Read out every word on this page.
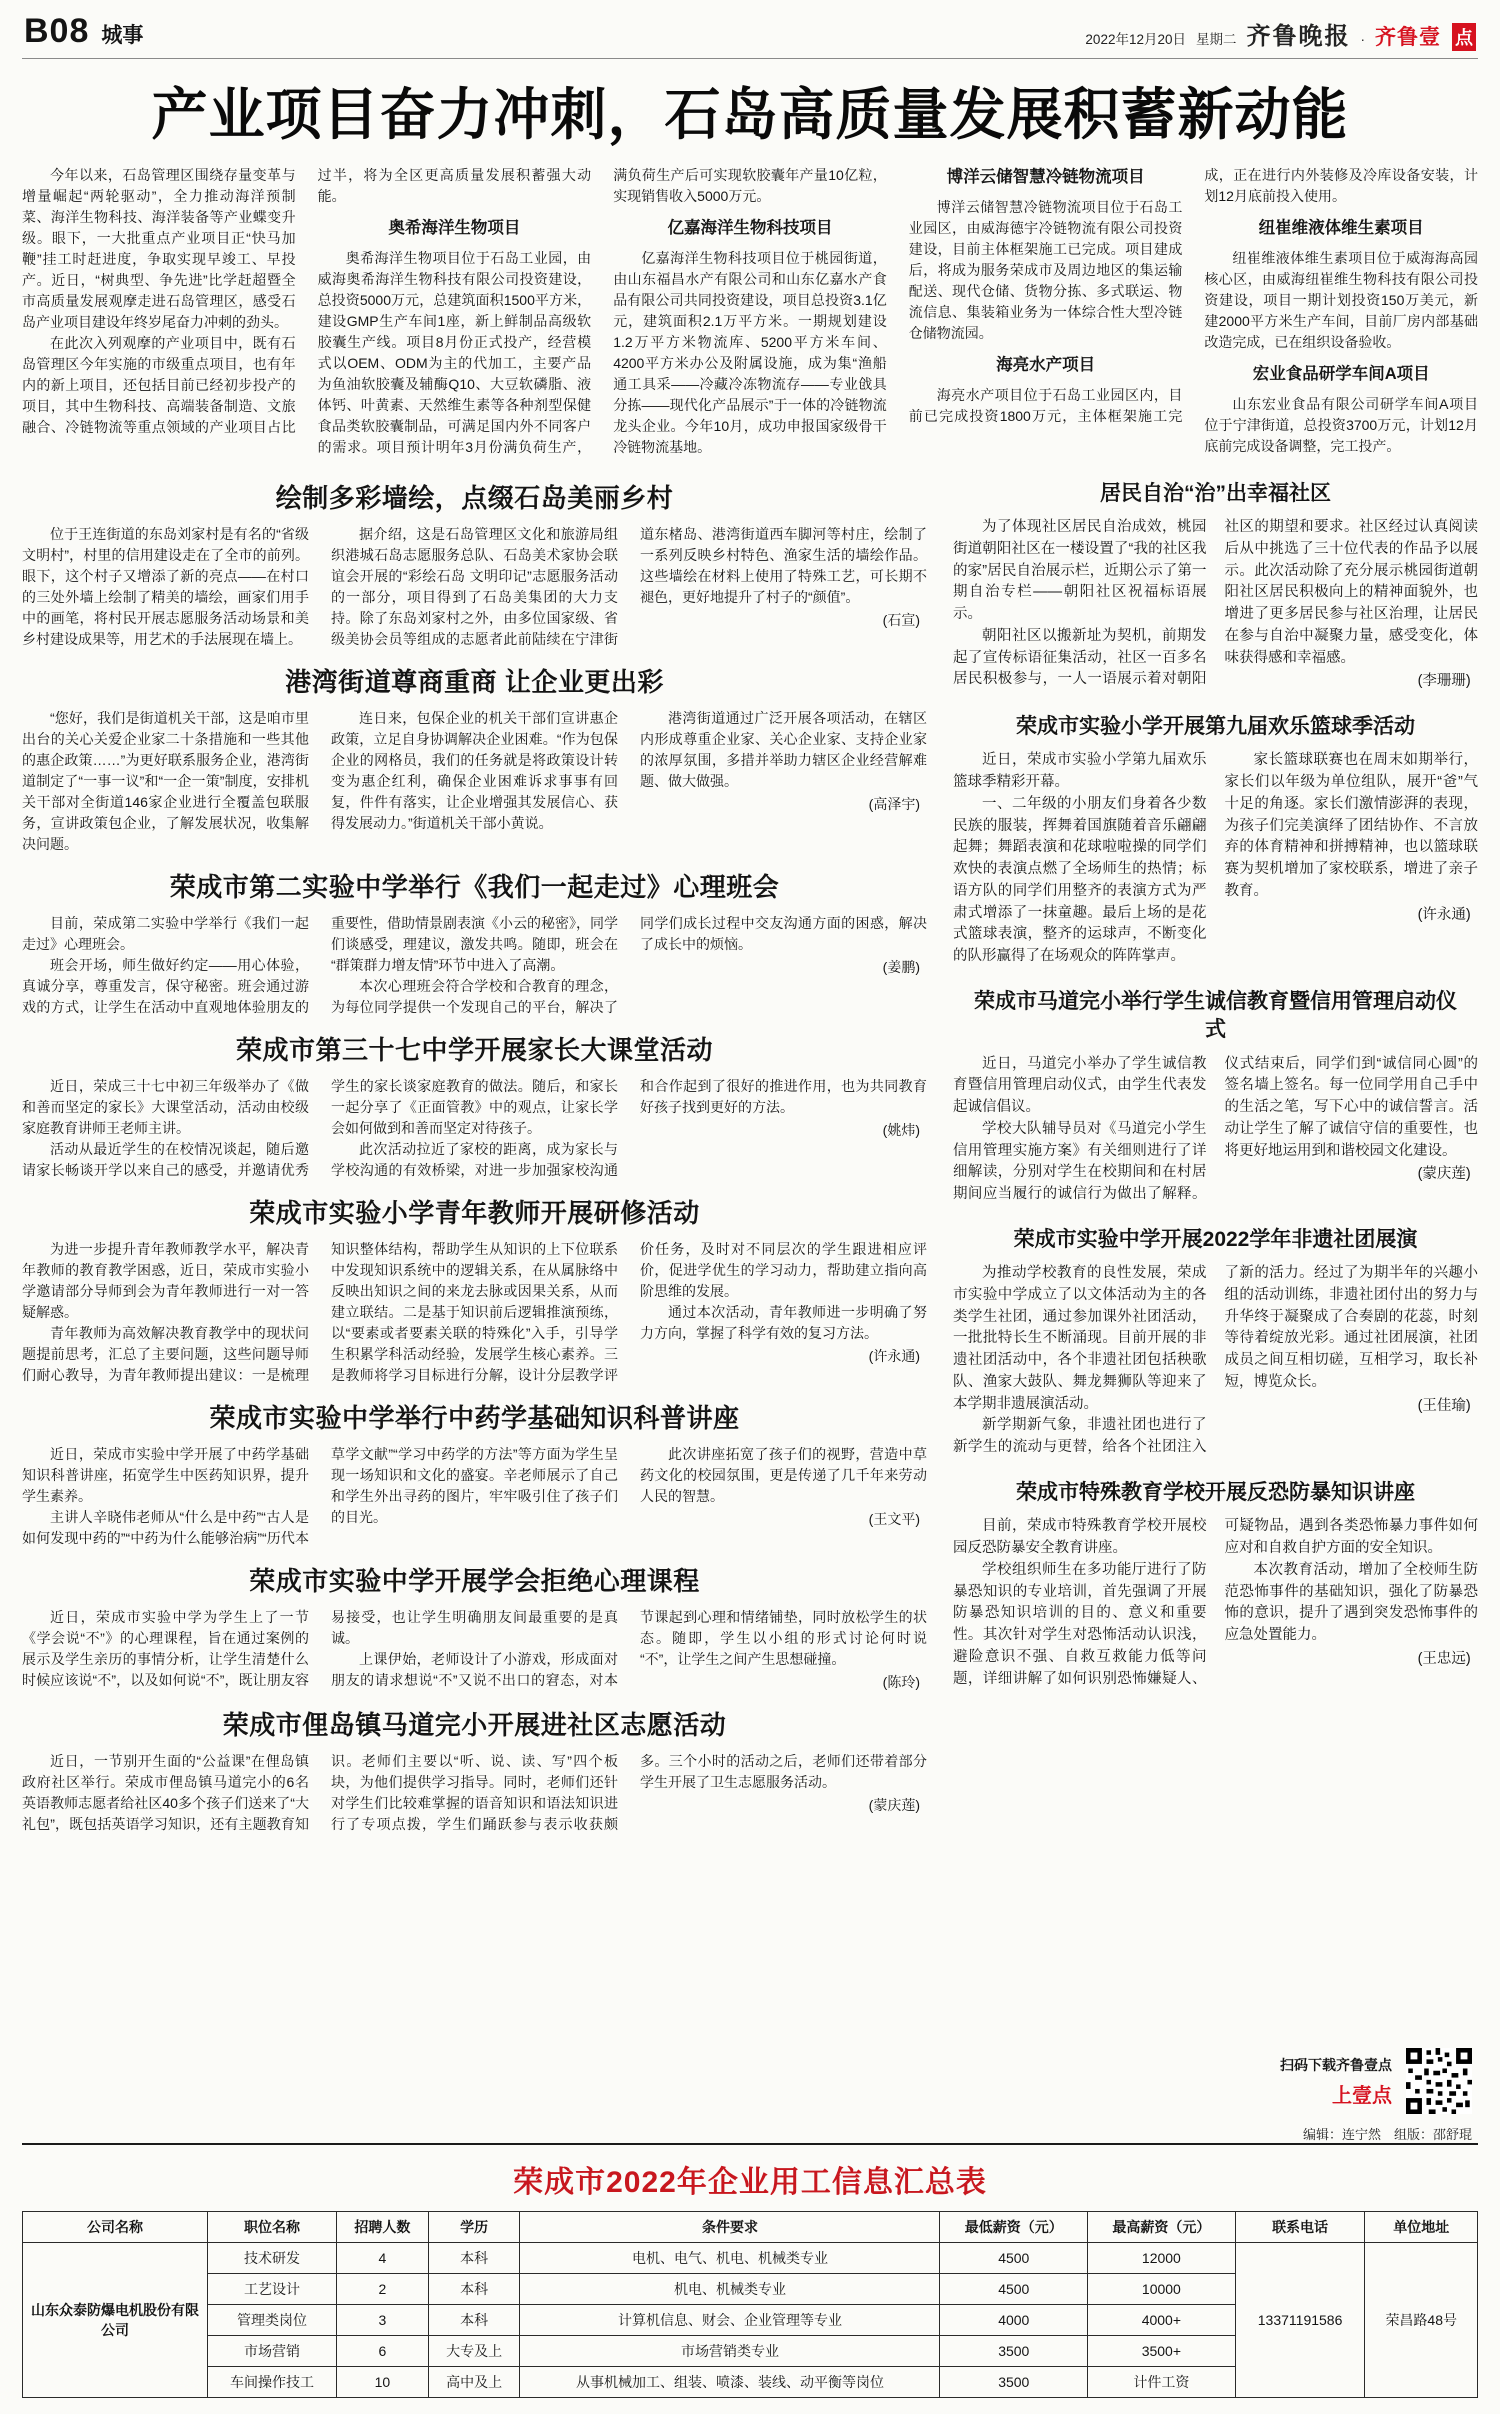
B08 城事	2022年12月20日 星期二 齐鲁晚报 · 齐鲁壹 点
产业项目奋力冲刺，石岛高质量发展积蓄新动能

今年以来，石岛管理区围绕存量变革与增量崛起“两轮驱动”，全力推动海洋预制菜、海洋生物科技、海洋装备等产业蝶变升级。眼下，一大批重点产业项目正“快马加鞭”挂工时赶进度，争取实现早竣工、早投产。近日，“树典型、争先进”比学赶超暨全市高质量发展观摩走进石岛管理区，感受石岛产业项目建设年终岁尾奋力冲刺的劲头。

在此次入列观摩的产业项目中，既有石岛管理区今年实施的市级重点项目，也有年内的新上项目，还包括目前已经初步投产的项目，其中生物科技、高端装备制造、文旅融合、冷链物流等重点领域的产业项目占比过半，将为全区更高质量发展积蓄强大动能。

奥希海洋生物项目

奥希海洋生物项目位于石岛工业园，由威海奥希海洋生物科技有限公司投资建设，总投资5000万元，总建筑面积1500平方米，建设GMP生产车间1座，新上鲜制品高级软胶囊生产线。项目8月份正式投产，经营模式以OEM、ODM为主的代加工，主要产品为鱼油软胶囊及辅酶Q10、大豆软磷脂、液体钙、叶黄素、天然维生素等各种剂型保健食品类软胶囊制品，可满足国内外不同客户的需求。项目预计明年3月份满负荷生产，满负荷生产后可实现软胶囊年产量10亿粒，实现销售收入5000万元。

亿嘉海洋生物科技项目

亿嘉海洋生物科技项目位于桃园街道，由山东福昌水产有限公司和山东亿嘉水产食品有限公司共同投资建设，项目总投资3.1亿元，建筑面积2.1万平方米。一期规划建设1.2万平方米物流库、5200平方米车间、4200平方米办公及附属设施，成为集“渔船通工具采——冷藏冷冻物流存——专业戗具分拣——现代化产品展示”于一体的冷链物流龙头企业。今年10月，成功申报国家级骨干冷链物流基地。

博洋云储智慧冷链物流项目

博洋云储智慧冷链物流项目位于石岛工业园区，由威海德宇冷链物流有限公司投资建设，目前主体框架施工已完成。项目建成后，将成为服务荣成市及周边地区的集运输配送、现代仓储、货物分拣、多式联运、物流信息、集装箱业务为一体综合性大型冷链仓储物流园。

海亮水产项目

海亮水产项目位于石岛工业园区内，目前已完成投资1800万元，主体框架施工完成，正在进行内外装修及冷库设备安装，计划12月底前投入使用。

纽崔维液体维生素项目

纽崔维液体维生素项目位于威海海高园核心区，由威海纽崔维生物科技有限公司投资建设，项目一期计划投资150万美元，新建2000平方米生产车间，目前厂房内部基础改造完成，已在组织设备验收。

宏业食品研学车间A项目

山东宏业食品有限公司研学车间A项目位于宁津街道，总投资3700万元，计划12月底前完成设备调整，完工投产。

绘制多彩墙绘，点缀石岛美丽乡村

位于王连街道的东岛刘家村是有名的“省级文明村”，村里的信用建设走在了全市的前列。眼下，这个村子又增添了新的亮点——在村口的三处外墙上绘制了精美的墙绘，画家们用手中的画笔，将村民开展志愿服务活动场景和美乡村建设成果等，用艺术的手法展现在墙上。

据介绍，这是石岛管理区文化和旅游局组织港城石岛志愿服务总队、石岛美术家协会联谊会开展的“彩绘石岛 文明印记”志愿服务活动的一部分，项目得到了石岛美集团的大力支持。除了东岛刘家村之外，由多位国家级、省级美协会员等组成的志愿者此前陆续在宁津街道东楮岛、港湾街道西车脚河等村庄，绘制了一系列反映乡村特色、渔家生活的墙绘作品。这些墙绘在材料上使用了特殊工艺，可长期不褪色，更好地提升了村子的“颜值”。

(石宣)
港湾街道尊商重商 让企业更出彩

“您好，我们是街道机关干部，这是咱市里出台的关心关爱企业家二十条措施和一些其他的惠企政策……”为更好联系服务企业，港湾街道制定了“一事一议”和“一企一策”制度，安排机关干部对全街道146家企业进行全覆盖包联服务，宣讲政策包企业，了解发展状况，收集解决问题。

连日来，包保企业的机关干部们宣讲惠企政策，立足自身协调解决企业困难。“作为包保企业的网格员，我们的任务就是将政策设计转变为惠企红利，确保企业困难诉求事事有回复，件件有落实，让企业增强其发展信心、获得发展动力。”街道机关干部小黄说。

港湾街道通过广泛开展各项活动，在辖区内形成尊重企业家、关心企业家、支持企业家的浓厚氛围，多措并举助力辖区企业经营解难题、做大做强。

(高泽宇)
荣成市第二实验中学举行《我们一起走过》心理班会

目前，荣成第二实验中学举行《我们一起走过》心理班会。

班会开场，师生做好约定——用心体验，真诚分享，尊重发言，保守秘密。班会通过游戏的方式，让学生在活动中直观地体验朋友的重要性，借助情景剧表演《小云的秘密》，同学们谈感受，理建议，激发共鸣。随即，班会在“群策群力增友情”环节中进入了高潮。

本次心理班会符合学校和合教育的理念，为每位同学提供一个发现自己的平台，解决了同学们成长过程中交友沟通方面的困惑，解决了成长中的烦恼。

(姜鹏)
荣成市第三十七中学开展家长大课堂活动

近日，荣成三十七中初三年级举办了《做和善而坚定的家长》大课堂活动，活动由校级家庭教育讲师王老师主讲。

活动从最近学生的在校情况谈起，随后邀请家长畅谈开学以来自己的感受，并邀请优秀学生的家长谈家庭教育的做法。随后，和家长一起分享了《正面管教》中的观点，让家长学会如何做到和善而坚定对待孩子。

此次活动拉近了家校的距离，成为家长与学校沟通的有效桥梁，对进一步加强家校沟通和合作起到了很好的推进作用，也为共同教育好孩子找到更好的方法。

(姚炜)
荣成市实验小学青年教师开展研修活动

为进一步提升青年教师教学水平，解决青年教师的教育教学困惑，近日，荣成市实验小学邀请部分导师到会为青年教师进行一对一答疑解惑。

青年教师为高效解决教育教学中的现状问题提前思考，汇总了主要问题，这些问题导师们耐心教导，为青年教师提出建议：一是梳理知识整体结构，帮助学生从知识的上下位联系中发现知识系统中的逻辑关系，在从属脉络中反映出知识之间的来龙去脉或因果关系，从而建立联结。二是基于知识前后逻辑推演预练，以“要素或者要素关联的特殊化”入手，引导学生积累学科活动经验，发展学生核心素养。三是教师将学习目标进行分解，设计分层教学评价任务，及时对不同层次的学生跟进相应评价，促进学优生的学习动力，帮助建立指向高阶思维的发展。

通过本次活动，青年教师进一步明确了努力方向，掌握了科学有效的复习方法。

(许永通)
荣成市实验中学举行中药学基础知识科普讲座

近日，荣成市实验中学开展了中药学基础知识科普讲座，拓宽学生中医药知识界，提升学生素养。

主讲人辛晓伟老师从“什么是中药”“古人是如何发现中药的”“中药为什么能够治病”“历代本草学文献”“学习中药学的方法”等方面为学生呈现一场知识和文化的盛宴。辛老师展示了自己和学生外出寻药的图片，牢牢吸引住了孩子们的目光。

此次讲座拓宽了孩子们的视野，营造中草药文化的校园氛围，更是传递了几千年来劳动人民的智慧。

(王文平)
荣成市实验中学开展学会拒绝心理课程

近日，荣成市实验中学为学生上了一节《学会说“不”》的心理课程，旨在通过案例的展示及学生亲历的事情分析，让学生清楚什么时候应该说“不”，以及如何说“不”，既让朋友容易接受，也让学生明确朋友间最重要的是真诚。

上课伊始，老师设计了小游戏，形成面对朋友的请求想说“不”又说不出口的窘态，对本节课起到心理和情绪铺垫，同时放松学生的状态。随即，学生以小组的形式讨论何时说“不”，让学生之间产生思想碰撞。

(陈玲)
荣成市俚岛镇马道完小开展进社区志愿活动

近日，一节别开生面的“公益课”在俚岛镇政府社区举行。荣成市俚岛镇马道完小的6名英语教师志愿者给社区40多个孩子们送来了“大礼包”，既包括英语学习知识，还有主题教育知识。老师们主要以“听、说、读、写”四个板块，为他们提供学习指导。同时，老师们还针对学生们比较难掌握的语音知识和语法知识进行了专项点拨，学生们踊跃参与表示收获颇多。三个小时的活动之后，老师们还带着部分学生开展了卫生志愿服务活动。

(蒙庆莲)
居民自治“治”出幸福社区

为了体现社区居民自治成效，桃园街道朝阳社区在一楼设置了“我的社区我的家”居民自治展示栏，近期公示了第一期自治专栏——朝阳社区祝福标语展示。

朝阳社区以搬新址为契机，前期发起了宣传标语征集活动，社区一百多名居民积极参与，一人一语展示着对朝阳社区的期望和要求。社区经过认真阅读后从中挑选了三十位代表的作品予以展示。此次活动除了充分展示桃园街道朝阳社区居民积极向上的精神面貌外，也增进了更多居民参与社区治理，让居民在参与自治中凝聚力量，感受变化，体味获得感和幸福感。

(李珊珊)
荣成市实验小学开展第九届欢乐篮球季活动

近日，荣成市实验小学第九届欢乐篮球季精彩开幕。

一、二年级的小朋友们身着各少数民族的服装，挥舞着国旗随着音乐翩翩起舞；舞蹈表演和花球啦啦操的同学们欢快的表演点燃了全场师生的热情；标语方队的同学们用整齐的表演方式为严肃式增添了一抹童趣。最后上场的是花式篮球表演，整齐的运球声，不断变化的队形赢得了在场观众的阵阵掌声。

家长篮球联赛也在周末如期举行，家长们以年级为单位组队，展开“爸”气十足的角逐。家长们激情澎湃的表现，为孩子们完美演绎了团结协作、不言放弃的体育精神和拼搏精神，也以篮球联赛为契机增加了家校联系，增进了亲子教育。

(许永通)
荣成市马道完小举行学生诚信教育暨信用管理启动仪式

近日，马道完小举办了学生诚信教育暨信用管理启动仪式，由学生代表发起诚信倡议。

学校大队辅导员对《马道完小学生信用管理实施方案》有关细则进行了详细解读，分别对学生在校期间和在村居期间应当履行的诚信行为做出了解释。仪式结束后，同学们到“诚信同心圆”的签名墙上签名。每一位同学用自己手中的生活之笔，写下心中的诚信誓言。活动让学生了解了诚信守信的重要性，也将更好地运用到和谐校园文化建设。

(蒙庆莲)
荣成市实验中学开展2022学年非遗社团展演

为推动学校教育的良性发展，荣成市实验中学成立了以文体活动为主的各类学生社团，通过参加课外社团活动，一批批特长生不断涌现。目前开展的非遗社团活动中，各个非遗社团包括秧歌队、渔家大鼓队、舞龙舞狮队等迎来了本学期非遗展演活动。

新学期新气象，非遗社团也进行了新学生的流动与更替，给各个社团注入了新的活力。经过了为期半年的兴趣小组的活动训练，非遗社团付出的努力与升华终于凝聚成了合奏剧的花蕊，时刻等待着绽放光彩。通过社团展演，社团成员之间互相切磋，互相学习，取长补短，博览众长。

(王佳瑜)
荣成市特殊教育学校开展反恐防暴知识讲座

目前，荣成市特殊教育学校开展校园反恐防暴安全教育讲座。

学校组织师生在多功能厅进行了防暴恐知识的专业培训，首先强调了开展防暴恐知识培训的目的、意义和重要性。其次针对学生对恐怖活动认识浅，避险意识不强、自救互救能力低等问题，详细讲解了如何识别恐怖嫌疑人、可疑物品，遇到各类恐怖暴力事件如何应对和自救自护方面的安全知识。

本次教育活动，增加了全校师生防范恐怖事件的基础知识，强化了防暴恐怖的意识，提升了遇到突发恐怖事件的应急处置能力。

(王忠远)
扫码下载齐鲁壹点
上壹点
编辑：连宁然　组版：邵舒琨
荣成市2022年企业用工信息汇总表
公司名称	职位名称	招聘人数	学历	条件要求	最低薪资（元）	最高薪资（元）	联系电话	单位地址
山东众泰防爆电机股份有限公司	技术研发	4	本科	电机、电气、机电、机械类专业	4500	12000	13371191586	荣昌路48号
	工艺设计	2	本科	机电、机械类专业	4500	10000		
	管理类岗位	3	本科	计算机信息、财会、企业管理等专业	4000	4000+		
	市场营销	6	大专及上	市场营销类专业	3500	3500+		
	车间操作技工	10	高中及上	从事机械加工、组装、喷漆、装线、动平衡等岗位	3500	计件工资		
